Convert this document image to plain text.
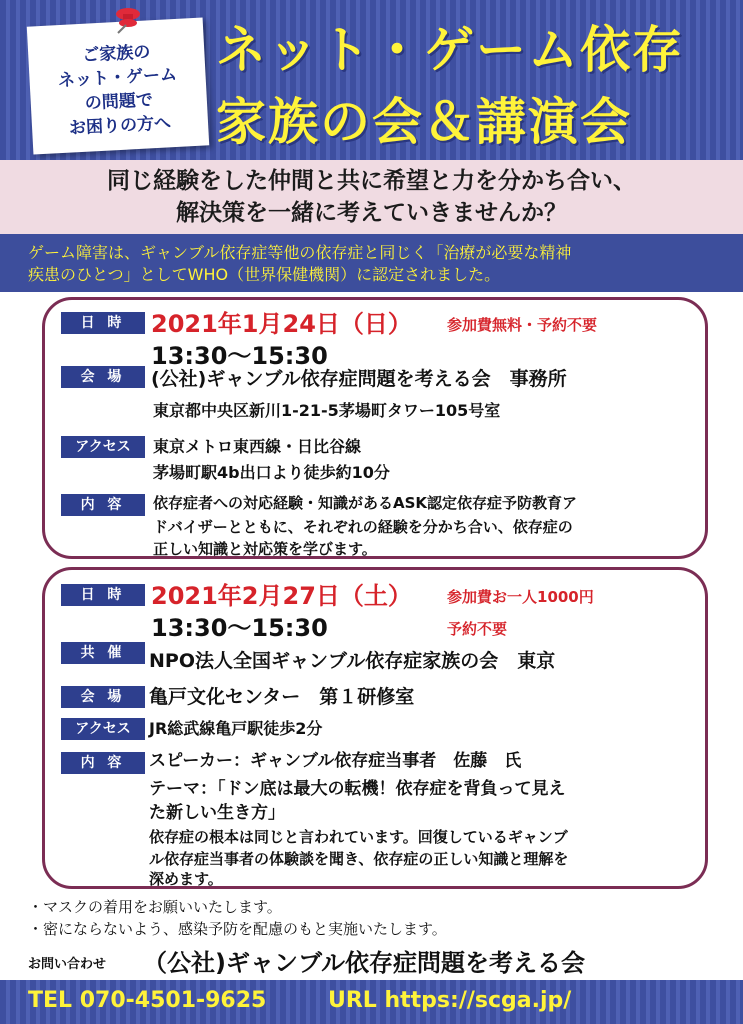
ご家族の
ネット・ゲーム
の問題で
お困りの方へ
ネット・ゲーム依存
家族の会＆講演会
同じ経験をした仲間と共に希望と力を分かち合い、
解決策を一緒に考えていきませんか？
ゲーム障害は、ギャンブル依存症等他の依存症と同じく「治療が必要な精神
疾患のひとつ」としてWHO（世界保健機関）に認定されました。
日 時	2021年1月24日（日） 参加費無料・予約不要
13:30〜15:30
会 場	(公社)ギャンブル依存症問題を考える会　事務所
東京都中央区新川1-21-5茅場町タワー105号室
アクセス	東京メトロ東西線・日比谷線
茅場町駅4b出口より徒歩約10分
内 容	依存症者への対応経験・知識があるASK認定依存症予防教育ア
ドバイザーとともに、それぞれの経験を分かち合い、依存症の
正しい知識と対応策を学びます。
日 時	2021年2月27日（土） 参加費お一人1000円
13:30〜15:30	予約不要
共 催	NPO法人全国ギャンブル依存症家族の会　東京
会 場	亀戸文化センター　第１研修室
アクセス	JR総武線亀戸駅徒歩2分
内 容	スピーカー：ギャンブル依存症当事者　佐藤　氏
テーマ：「ドン底は最大の転機！依存症を背負って見え
た新しい生き方」
依存症の根本は同じと言われています。回復しているギャンブ
ル依存症当事者の体験談を聞き、依存症の正しい知識と理解を
深めます。
・マスクの着用をお願いいたします。
・密にならないよう、感染予防を配慮のもと実施いたします。
お問い合わせ （公社)ギャンブル依存症問題を考える会
TEL 070-4501-9625	URL https://scga.jp/
